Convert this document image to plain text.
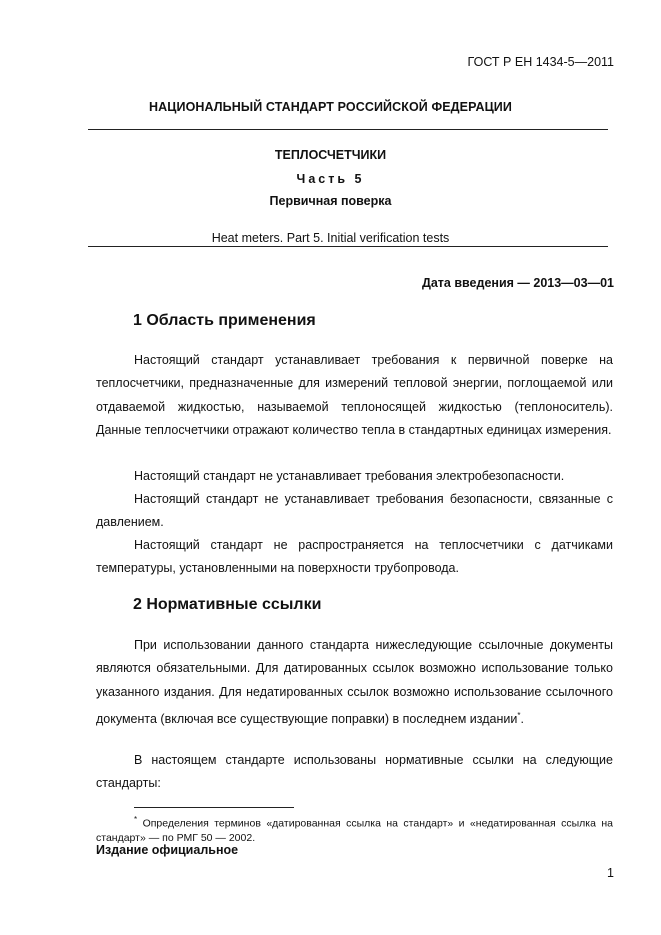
ГОСТ Р ЕН 1434-5—2011
НАЦИОНАЛЬНЫЙ СТАНДАРТ РОССИЙСКОЙ ФЕДЕРАЦИИ
ТЕПЛОСЧЕТЧИКИ
Часть 5
Первичная поверка
Heat meters. Part 5. Initial verification tests
Дата введения — 2013—03—01
1 Область применения

Настоящий стандарт устанавливает требования к первичной поверке на теплосчетчики, предназначенные для измерений тепловой энергии, поглощаемой или отдаваемой жидкостью, называемой теплоносящей жидкостью (теплоноситель). Данные теплосчетчики отражают количество тепла в стандартных единицах измерения.

Настоящий стандарт не устанавливает требования электробезопасности.

Настоящий стандарт не устанавливает требования безопасности, связанные с давлением.

Настоящий стандарт не распространяется на теплосчетчики с датчиками температуры, установленными на поверхности трубопровода.

2 Нормативные ссылки

При использовании данного стандарта нижеследующие ссылочные документы являются обязательными. Для датированных ссылок возможно использование только указанного издания. Для недатированных ссылок возможно использование ссылочного документа (включая все существующие поправки) в последнем издании*.

В настоящем стандарте использованы нормативные ссылки на следующие стандарты:

* Определения терминов «датированная ссылка на стандарт» и «недатированная ссылка на стандарт» — по РМГ 50 — 2002.

Издание официальное
1
